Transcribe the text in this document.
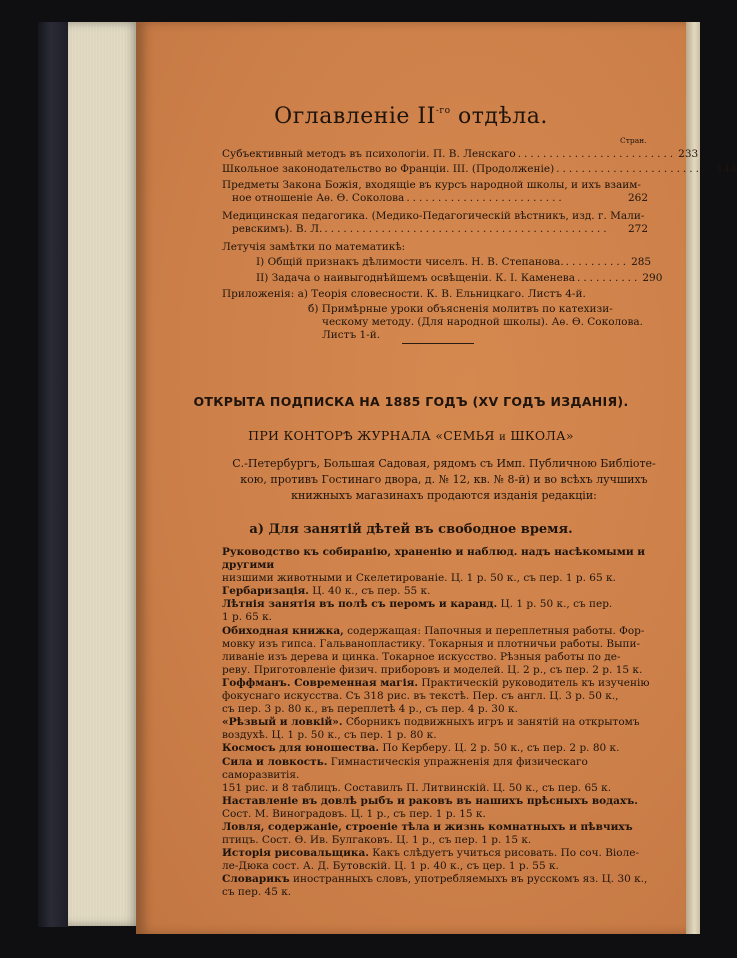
Оглавленіе $II^{-го}$ отдѣла.
Стран.
Субъективный методъ въ психологіи. П. В. Ленскаго ......................... 233
Школьное законодательство во Франціи. III. (Продолженіе) ......................... 144
Предметы Закона Божія, входящіе въ курсъ народной школы, и ихъ взаим-
ное отношеніе Аѳ. Ѳ. Соколова .........................	262
Медицинская педагогика. (Медико-Педагогическій вѣстникъ, изд. г. Мали-
ревскимъ). В. Л. .............................................	272
Летучія замѣтки по математикѣ:
I) Общій признакъ дѣлимости чиселъ. Н. В. Степанова. .......... 285
II) Задача о наивыгоднѣйшемъ освѣщеніи. К. I. Каменева .......... 290
Приложенія: а) Теорія словесности. К. В. Ельницкаго. Листъ 4-й.
б) Примѣрные уроки объясненія молитвъ по катехизи-
ческому методу. (Для народной школы). Аѳ. Ѳ. Соколова.
Листъ 1-й.
ОТКРЫТА ПОДПИСКА НА 1885 ГОДЪ (XV ГОДЪ ИЗДАНІЯ).
ПРИ КОНТОРѢ ЖУРНАЛА «СЕМЬЯ и ШКОЛА»
С.-Петербургъ, Большая Садовая, рядомъ съ Имп. Публичною Библіоте-
кою, противъ Гостинаго двора, д. № 12, кв. № 8-й) и во всѣхъ лучшихъ
книжныхъ магазинахъ продаются изданія редакціи:
а) Для занятій дѣтей въ свободное время.

Руководство къ собиранію, храненію и наблюд. надъ насѣкомыми и другими
низшими животными и Скелетированіе. Ц. 1 р. 50 к., съ пер. 1 р. 65 к.

Гербаризація. Ц. 40 к., съ пер. 55 к.

Лѣтнія занятія въ полѣ съ перомъ и каранд. Ц. 1 р. 50 к., съ пер.
1 р. 65 к.

Обиходная книжка, содержащая: Папочныя и переплетныя работы. Фор-
мовку изъ гипса. Гальванопластику. Токарныя и плотничьи работы. Выпи-
ливаніе изъ дерева и цинка. Токарное искусство. Рѣзныя работы по де-
реву. Приготовленіе физич. приборовъ и моделей. Ц. 2 р., съ пер. 2 р. 15 к.

Гоффманъ. Современная магія. Практическій руководитель къ изученію
фокуснаго искусства. Съ 318 рис. въ текстѣ. Пер. съ англ. Ц. 3 р. 50 к.,
съ пер. 3 р. 80 к., въ переплетѣ 4 р., съ пер. 4 р. 30 к.

«Рѣзвый и ловкій». Сборникъ подвижныхъ игръ и занятій на открытомъ
воздухѣ. Ц. 1 р. 50 к., съ пер. 1 р. 80 к.

Космосъ для юношества. По Керберу. Ц. 2 р. 50 к., съ пер. 2 р. 80 к.

Сила и ловкость. Гимнастическія упражненія для физическаго саморазвитія.
151 рис. и 8 таблицъ. Составилъ П. Литвинскій. Ц. 50 к., съ пер. 65 к.

Наставленіе въ довлѣ рыбъ и раковъ въ нашихъ прѣсныхъ водахъ.
Сост. М. Виноградовъ. Ц. 1 р., съ пер. 1 р. 15 к.

Ловля, содержаніе, строеніе тѣла и жизнь комнатныхъ и пѣвчихъ
птицъ. Сост. Ѳ. Ив. Булгаковъ. Ц. 1 р., съ пер. 1 р. 15 к.

Исторія рисовальщика. Какъ слѣдуетъ учиться рисовать. По соч. Віоле-
ле-Дюка сост. А. Д. Бутовскій. Ц. 1 р. 40 к., съ цер. 1 р. 55 к.

Словарикъ иностранныхъ словъ, употребляемыхъ въ русскомъ яз. Ц. 30 к.,
съ пер. 45 к.
